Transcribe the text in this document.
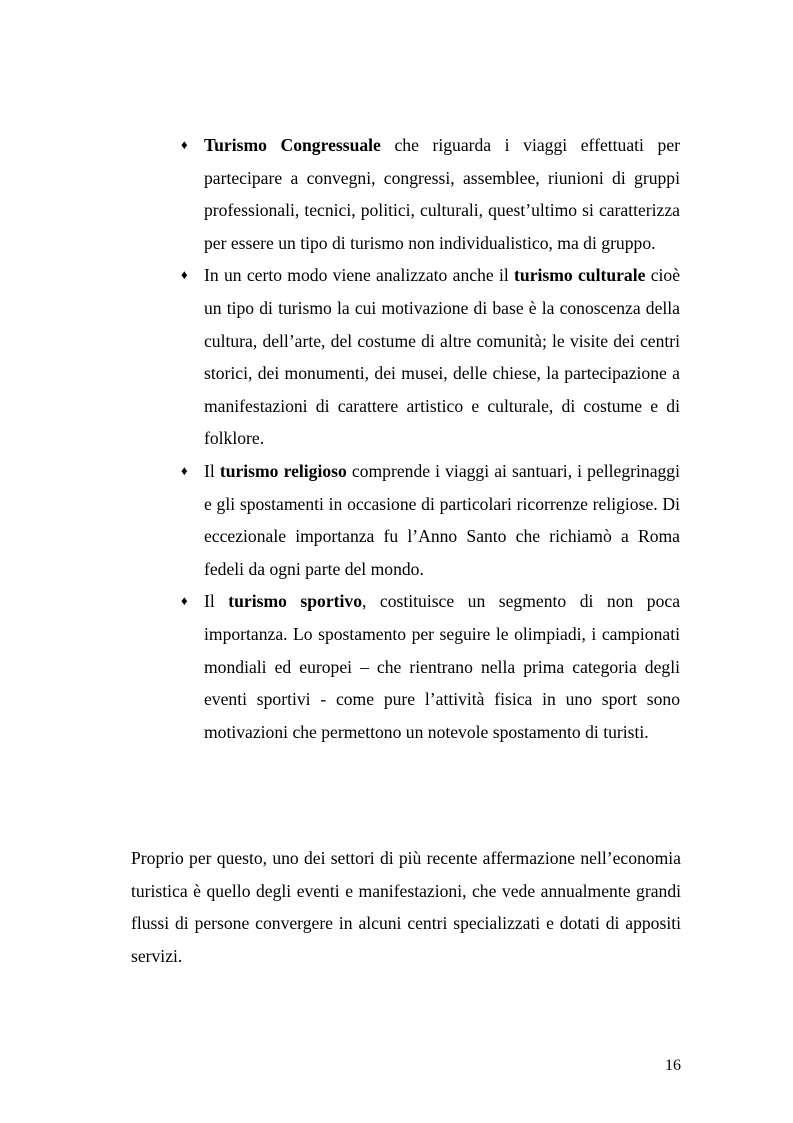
♦ Turismo Congressuale che riguarda i viaggi effettuati per partecipare a convegni, congressi, assemblee, riunioni di gruppi professionali, tecnici, politici, culturali, quest’ultimo si caratterizza per essere un tipo di turismo non individualistico, ma di gruppo.
♦ In un certo modo viene analizzato anche il turismo culturale cioè un tipo di turismo la cui motivazione di base è la conoscenza della cultura, dell’arte, del costume di altre comunità; le visite dei centri storici, dei monumenti, dei musei, delle chiese, la partecipazione a manifestazioni di carattere artistico e culturale, di costume e di folklore.
♦ Il turismo religioso comprende i viaggi ai santuari, i pellegrinaggi e gli spostamenti in occasione di particolari ricorrenze religiose. Di eccezionale importanza fu l’Anno Santo che richiamò a Roma fedeli da ogni parte del mondo.
♦ Il turismo sportivo, costituisce un segmento di non poca importanza. Lo spostamento per seguire le olimpiadi, i campionati mondiali ed europei – che rientrano nella prima categoria degli eventi sportivi - come pure l’attività fisica in uno sport sono motivazioni che permettono un notevole spostamento di turisti.

Proprio per questo, uno dei settori di più recente affermazione nell’economia turistica è quello degli eventi e manifestazioni, che vede annualmente grandi flussi di persone convergere in alcuni centri specializzati e dotati di appositi servizi.

16
